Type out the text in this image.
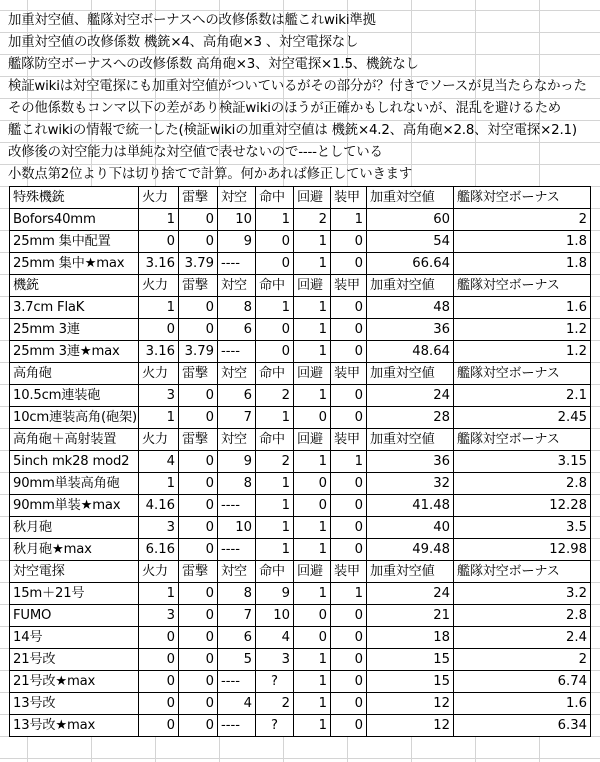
加重対空値、艦隊対空ボーナスへの改修係数は艦これwiki準拠
加重対空値の改修係数 機銃×4、高角砲×3 、対空電探なし
艦隊防空ボーナスへの改修係数 高角砲×3、対空電探×1.5、機銃なし
検証wikiは対空電探にも加重対空値がついているがその部分が？付きでソースが見当たらなかった
その他係数もコンマ以下の差があり検証wikiのほうが正確かもしれないが、混乱を避けるため
艦これwikiの情報で統一した(検証wikiの加重対空値は 機銃×4.2、高角砲×2.8、対空電探×2.1)
改修後の対空能力は単純な対空値で表せないので----としている
小数点第2位より下は切り捨てで計算。何かあれば修正していきます
特殊機銃	火力	雷撃	対空	命中	回避	装甲	加重対空値	艦隊対空ボーナス
Bofors40mm	1	0	10	1	2	1	60	2
25mm 集中配置	0	0	9	0	1	0	54	1.8
25mm 集中★max	3.16	3.79	----	0	1	0	66.64	1.8
機銃	火力	雷撃	対空	命中	回避	装甲	加重対空値	艦隊対空ボーナス
3.7cm FlaK	1	0	8	1	1	0	48	1.6
25mm 3連	0	0	6	0	1	0	36	1.2
25mm 3連★max	3.16	3.79	----	0	1	0	48.64	1.2
高角砲	火力	雷撃	対空	命中	回避	装甲	加重対空値	艦隊対空ボーナス
10.5cm連装砲	3	0	6	2	1	0	24	2.1
10cm連装高角(砲架)	1	0	7	1	0	0	28	2.45
高角砲＋高射装置	火力	雷撃	対空	命中	回避	装甲	加重対空値	艦隊対空ボーナス
5inch mk28 mod2	4	0	9	2	1	1	36	3.15
90mm単装高角砲	1	0	8	1	0	0	32	2.8
90mm単装★max	4.16	0	----	1	0	0	41.48	12.28
秋月砲	3	0	10	1	1	0	40	3.5
秋月砲★max	6.16	0	----	1	1	0	49.48	12.98
対空電探	火力	雷撃	対空	命中	回避	装甲	加重対空値	艦隊対空ボーナス
15m＋21号	1	0	8	9	1	1	24	3.2
FUMO	3	0	7	10	0	0	21	2.8
14号	0	0	6	4	0	0	18	2.4
21号改	0	0	5	3	1	0	15	2
21号改★max	0	0	----	?	1	0	15	6.74
13号改	0	0	4	2	1	0	12	1.6
13号改★max	0	0	----	?	1	0	12	6.34
